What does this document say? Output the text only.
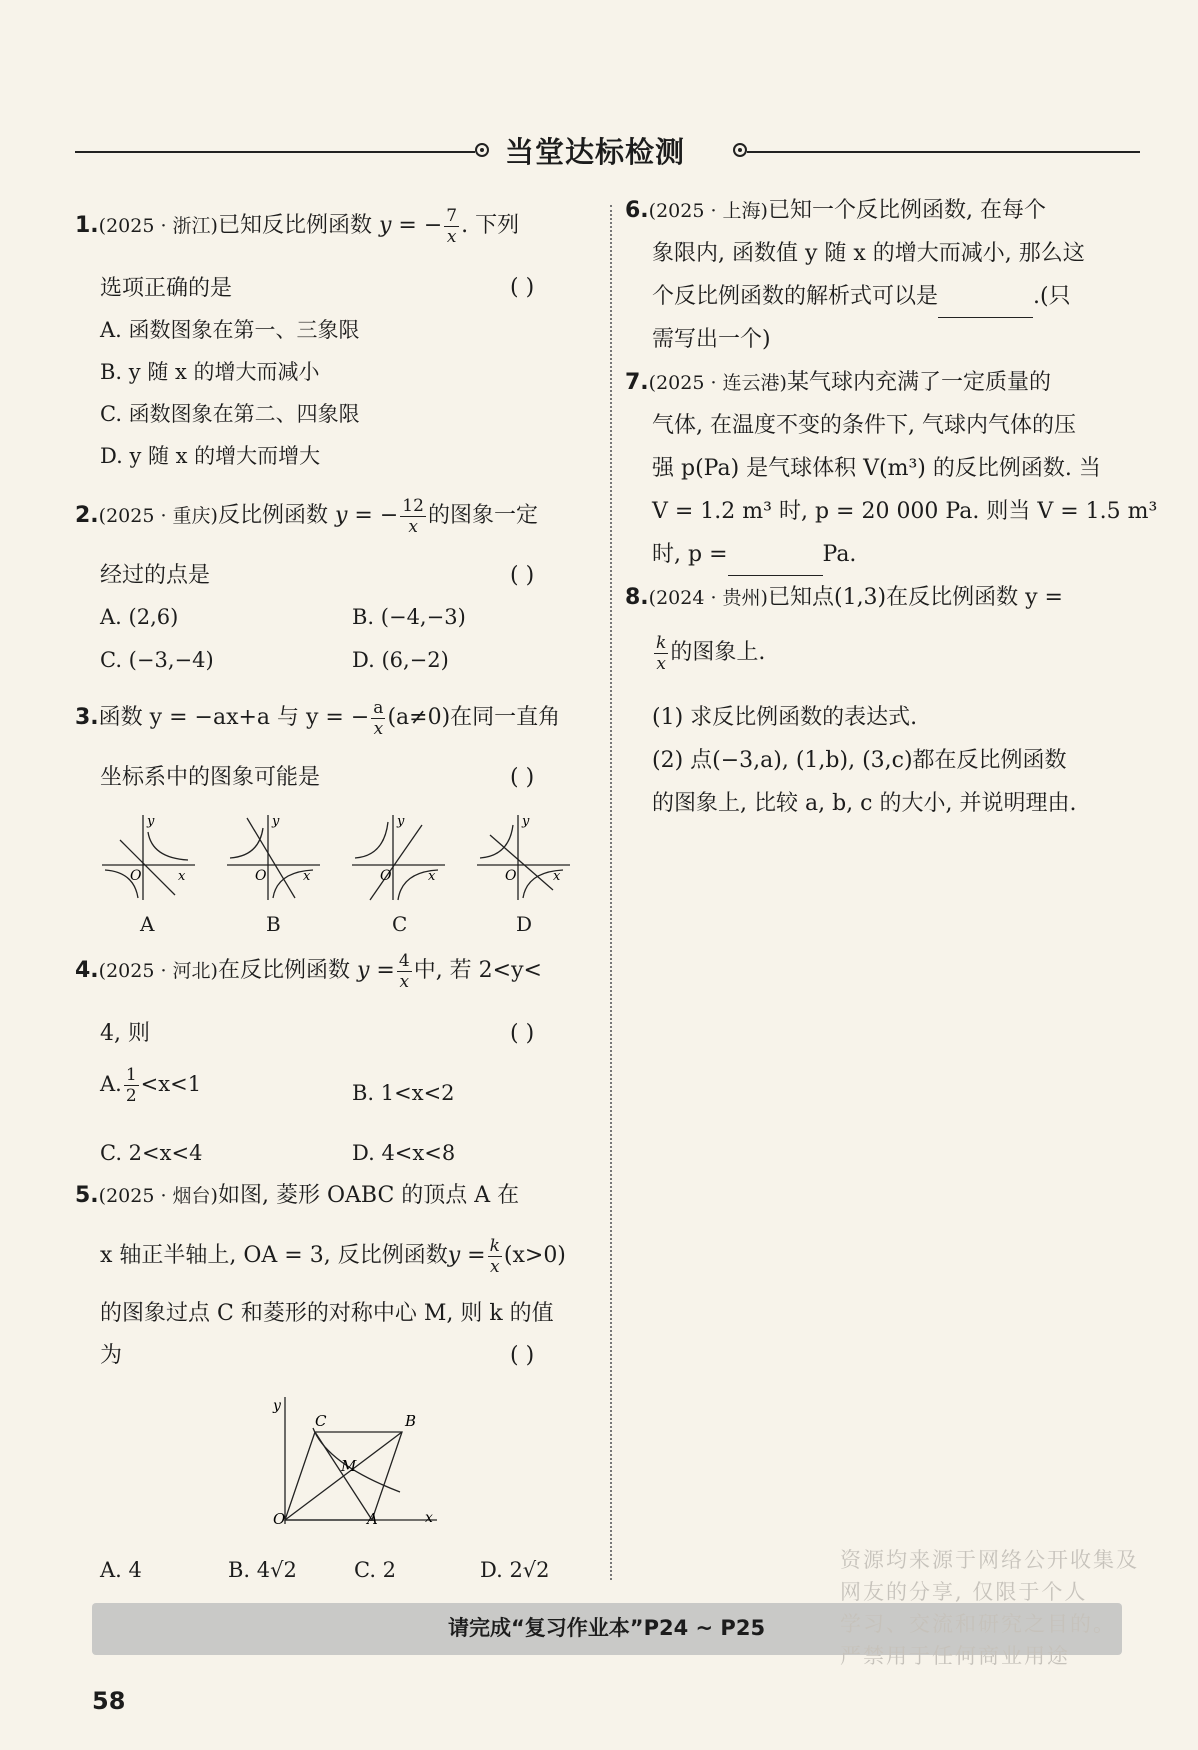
当堂达标检测
1.(2025 · 浙江)已知反比例函数 y = − $\frac{7}{x}$ . 下列
选项正确的是	( )
A. 函数图象在第一、三象限
B. y 随 x 的增大而减小
C. 函数图象在第二、四象限
D. y 随 x 的增大而增大
2.(2025 · 重庆)反比例函数 y = − $\frac{12}{x}$ 的图象一定
经过的点是	( )
A. (2,6)	B. (−4,−3)
C. (−3,−4)	D. (6,−2)
3.函数 y = −ax+a 与 y = − $\frac{a}{x} (a\ne 0)$在同一直角
坐标系中的图象可能是	( )
y
x
O
y
x
O
y
x
O
y
x
O
A	B	C	D
4.(2025 · 河北)在反比例函数 $y = \frac{4}{x}$ 中, 若 2<y<
4, 则	( )
A. $\frac{1}{2} <x<1$	B. 1<x<2
C. 2<x<4	D. 4<x<8
5.(2025 · 烟台)如图, 菱形 OABC 的顶点 A 在
x 轴正半轴上, OA = 3, 反比例函数$y = \frac{k}{x} (x>0)$
的图象过点 C 和菱形的对称中心 M, 则 k 的值
为	( )
y
x
O	A
B
C
M
A. 4	B. 4√2	C. 2	D. 2√2
6.(2025 · 上海)已知一个反比例函数, 在每个
象限内, 函数值 y 随 x 的增大而减小, 那么这
个反比例函数的解析式可以是	.(只
需写出一个)
7.(2025 · 连云港)某气球内充满了一定质量的
气体, 在温度不变的条件下, 气球内气体的压
强 p(Pa) 是气球体积 V(m³) 的反比例函数. 当
V = 1.2 m³ 时, p = 20 000 Pa. 则当 V = 1.5 m³
时, p =	Pa.
8.(2024 · 贵州)已知点(1,3)在反比例函数 y =
$\frac{k}{x}$ 的图象上.
(1) 求反比例函数的表达式.
(2) 点(−3,a), (1,b), (3,c)都在反比例函数
的图象上, 比较 a, b, c 的大小, 并说明理由.
请完成“复习作业本”P24 ~ P25
58
资源均来源于网络公开收集及
网友的分享, 仅限于个人
学习、交流和研究之目的。
严禁用于任何商业用途
